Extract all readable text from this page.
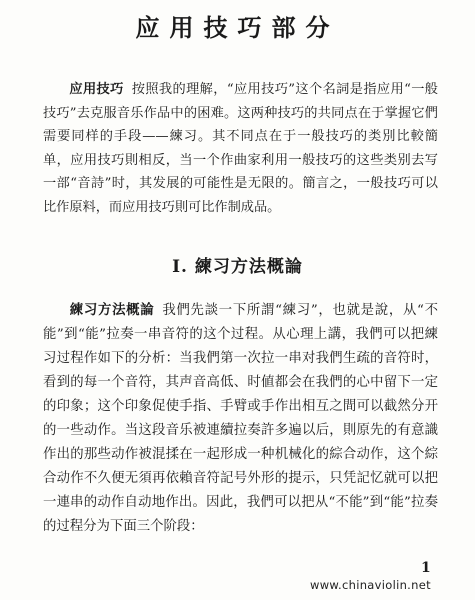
应用技巧部分

应用技巧 按照我的理解，“应用技巧”这个名詞是指应用“一般技巧”去克服音乐作品中的困难。这两种技巧的共同点在于掌握它們需要同样的手段——練习。其不同点在于一般技巧的类別比較簡单，应用技巧則相反，当一个作曲家利用一般技巧的这些类别去写一部“音詩”时，其发展的可能性是无限的。簡言之，一般技巧可以比作原料，而应用技巧則可比作制成品。

I. 練习方法概論

練习方法概論 我們先談一下所謂“練习”，也就是說，从“不能”到“能”拉奏一串音符的这个过程。从心理上講，我們可以把練习过程作如下的分析：当我們第一次拉一串对我們生疏的音符时，看到的每一个音符，其声音高低、时値都会在我們的心中留下一定的印象；这个印象促使手指、手臂或手作出相互之間可以截然分开的一些动作。当这段音乐被連續拉奏許多遍以后，則原先的有意識作出的那些动作被混揉在一起形成一种机械化的綜合动作，这个綜合动作不久便无須再依賴音符記号外形的提示，只凭記忆就可以把一連串的动作自动地作出。因此，我們可以把从“不能”到“能”拉奏的过程分为下面三个阶段：

1
www.chinaviolin.net
